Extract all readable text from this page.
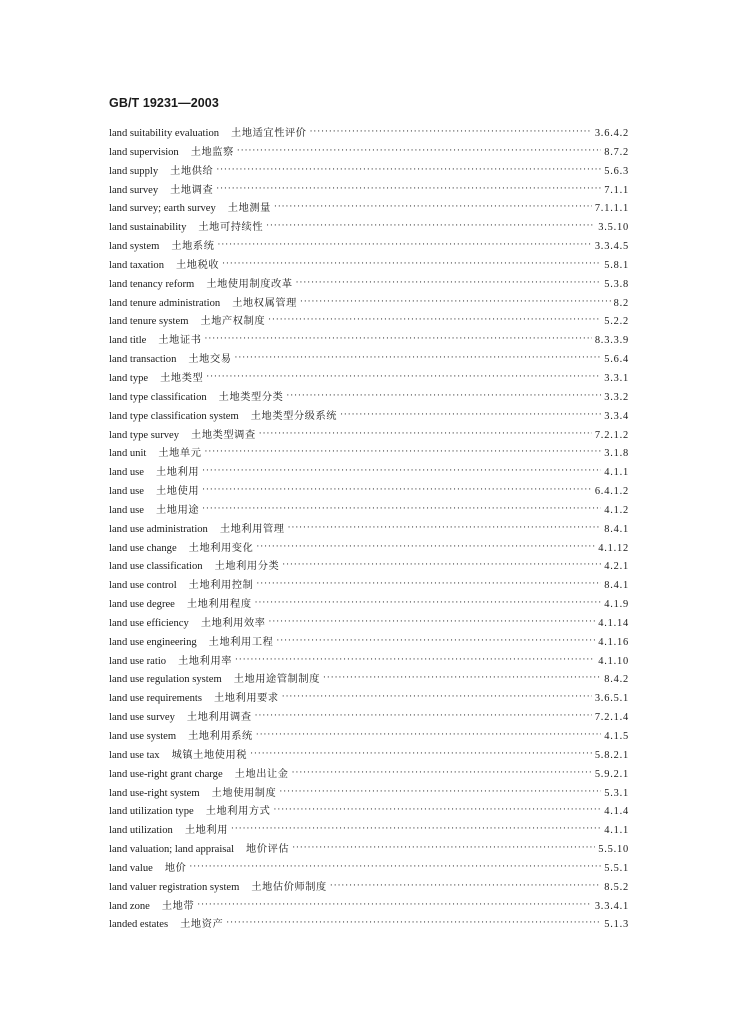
GB/T 19231—2003
land suitability evaluation 土地适宜性评价 ·····	3.6.4.2
land supervision 土地监察 ·····	8.7.2
land supply 土地供给 ·····	5.6.3
land survey 土地调查 ·····	7.1.1
land survey; earth survey 土地测量 ·····	7.1.1.1
land sustainability 土地可持续性 ·····	3.5.10
land system 土地系统 ·····	3.3.4.5
land taxation 土地税收 ·····	5.8.1
land tenancy reform 土地使用制度改革 ·····	5.3.8
land tenure administration 土地权属管理 ·····	8.2
land tenure system 土地产权制度 ·····	5.2.2
land title 土地证书 ·····	8.3.3.9
land transaction 土地交易 ·····	5.6.4
land type 土地类型 ·····	3.3.1
land type classification 土地类型分类 ·····	3.3.2
land type classification system 土地类型分级系统 ·····	3.3.4
land type survey 土地类型调查 ·····	7.2.1.2
land unit 土地单元 ·····	3.1.8
land use 土地利用 ·····	4.1.1
land use 土地使用 ·····	6.4.1.2
land use 土地用途 ·····	4.1.2
land use administration 土地利用管理 ·····	8.4.1
land use change 土地利用变化 ·····	4.1.12
land use classification 土地利用分类 ·····	4.2.1
land use control 土地利用控制 ·····	8.4.1
land use degree 土地利用程度 ·····	4.1.9
land use efficiency 土地利用效率 ·····	4.1.14
land use engineering 土地利用工程 ·····	4.1.16
land use ratio 土地利用率 ·····	4.1.10
land use regulation system 土地用途管制制度 ·····	8.4.2
land use requirements 土地利用要求 ·····	3.6.5.1
land use survey 土地利用调查 ·····	7.2.1.4
land use system 土地利用系统 ·····	4.1.5
land use tax 城镇土地使用税 ·····	5.8.2.1
land use-right grant charge 土地出让金 ·····	5.9.2.1
land use-right system 土地使用制度 ·····	5.3.1
land utilization type 土地利用方式 ·····	4.1.4
land utilization 土地利用 ·····	4.1.1
land valuation; land appraisal 地价评估 ·····	5.5.10
land value 地价 ·····	5.5.1
land valuer registration system 土地估价师制度 ·····	8.5.2
land zone 土地带 ·····	3.3.4.1
landed estates 土地资产 ·····	5.1.3
